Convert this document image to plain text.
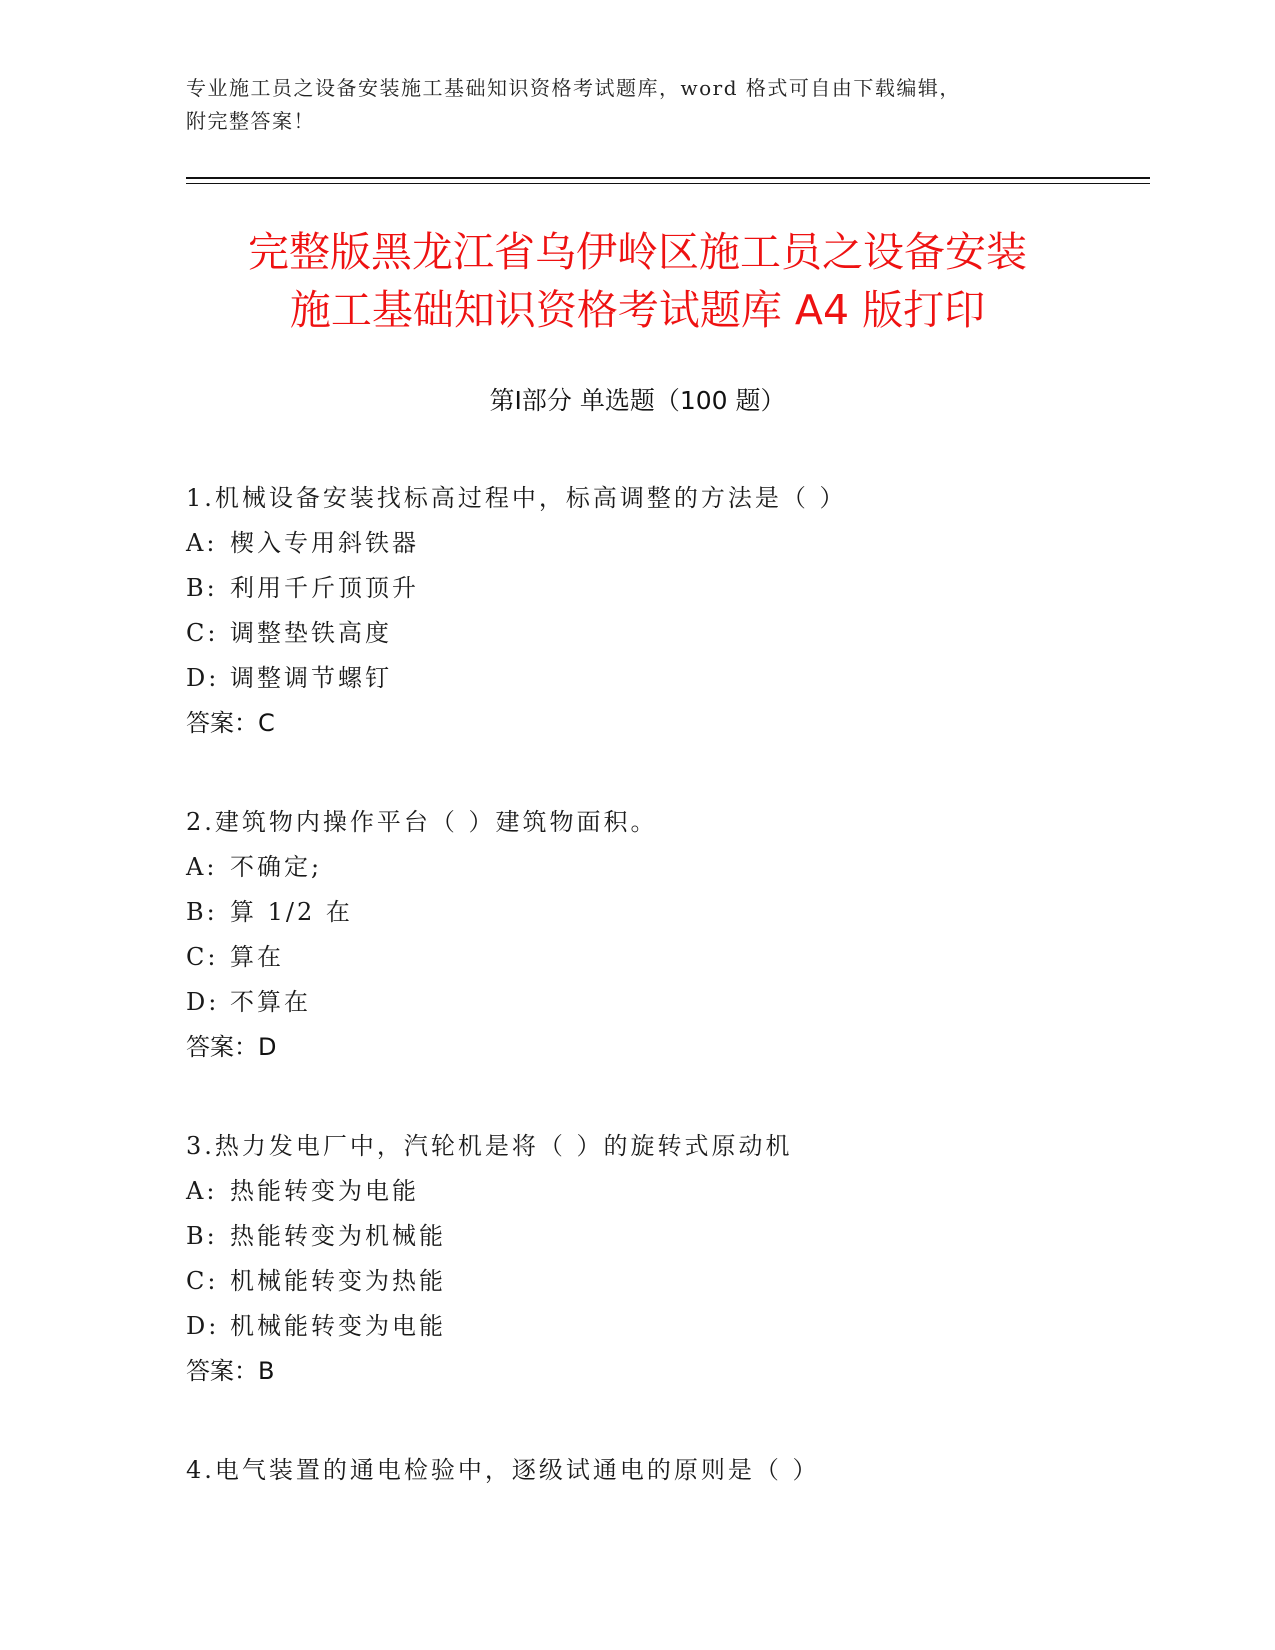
专业施工员之设备安装施工基础知识资格考试题库，word 格式可自由下载编辑，
附完整答案！
完整版黑龙江省乌伊岭区施工员之设备安装
施工基础知识资格考试题库 A4 版打印
第Ⅰ部分 单选题（100 题）
1.机械设备安装找标高过程中，标高调整的方法是（ ）
A: 楔入专用斜铁器
B: 利用千斤顶顶升
C: 调整垫铁高度
D: 调整调节螺钉
答案：C
2.建筑物内操作平台（ ）建筑物面积。
A: 不确定;
B: 算 1/2 在
C: 算在
D: 不算在
答案：D
3.热力发电厂中，汽轮机是将（ ）的旋转式原动机
A: 热能转变为电能
B: 热能转变为机械能
C: 机械能转变为热能
D: 机械能转变为电能
答案：B
4.电气装置的通电检验中，逐级试通电的原则是（ ）
